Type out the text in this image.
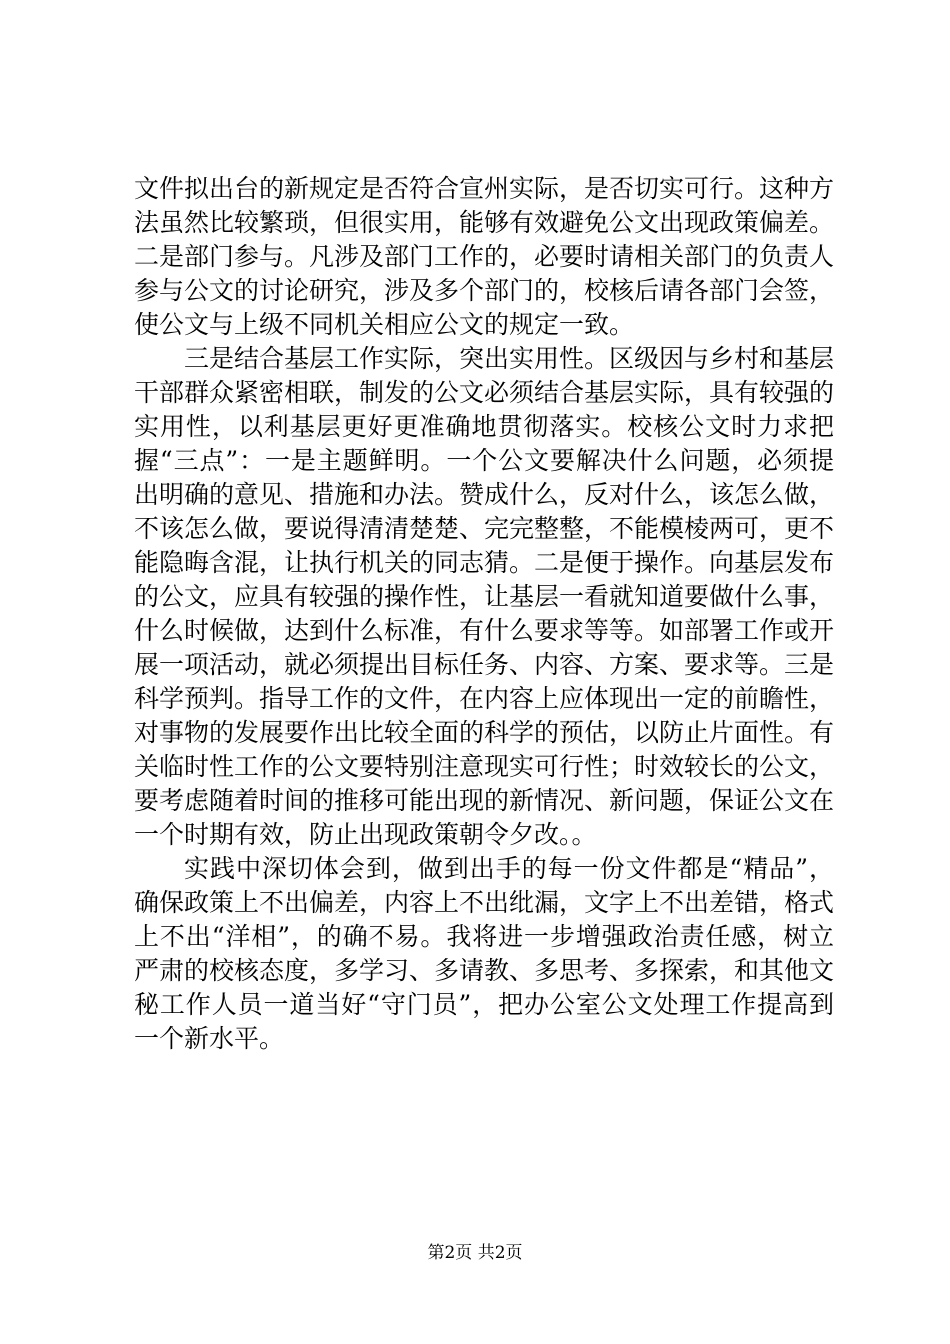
文件拟出台的新规定是否符合宣州实际，是否切实可行。这种方法虽然比较繁琐，但很实用，能够有效避免公文出现政策偏差。二是部门参与。凡涉及部门工作的，必要时请相关部门的负责人参与公文的讨论研究，涉及多个部门的，校核后请各部门会签，使公文与上级不同机关相应公文的规定一致。

三是结合基层工作实际，突出实用性。区级因与乡村和基层干部群众紧密相联，制发的公文必须结合基层实际，具有较强的实用性，以利基层更好更准确地贯彻落实。校核公文时力求把握“三点”：一是主题鲜明。一个公文要解决什么问题，必须提出明确的意见、措施和办法。赞成什么，反对什么，该怎么做，不该怎么做，要说得清清楚楚、完完整整，不能模棱两可，更不能隐晦含混，让执行机关的同志猜。二是便于操作。向基层发布的公文，应具有较强的操作性，让基层一看就知道要做什么事，什么时候做，达到什么标准，有什么要求等等。如部署工作或开展一项活动，就必须提出目标任务、内容、方案、要求等。三是科学预判。指导工作的文件，在内容上应体现出一定的前瞻性，对事物的发展要作出比较全面的科学的预估，以防止片面性。有关临时性工作的公文要特别注意现实可行性；时效较长的公文，要考虑随着时间的推移可能出现的新情况、新问题，保证公文在一个时期有效，防止出现政策朝令夕改。。

实践中深切体会到，做到出手的每一份文件都是“精品”，确保政策上不出偏差，内容上不出纰漏，文字上不出差错，格式上不出“洋相”，的确不易。我将进一步增强政治责任感，树立严肃的校核态度，多学习、多请教、多思考、多探索，和其他文秘工作人员一道当好“守门员”，把办公室公文处理工作提高到一个新水平。

第2页 共2页
